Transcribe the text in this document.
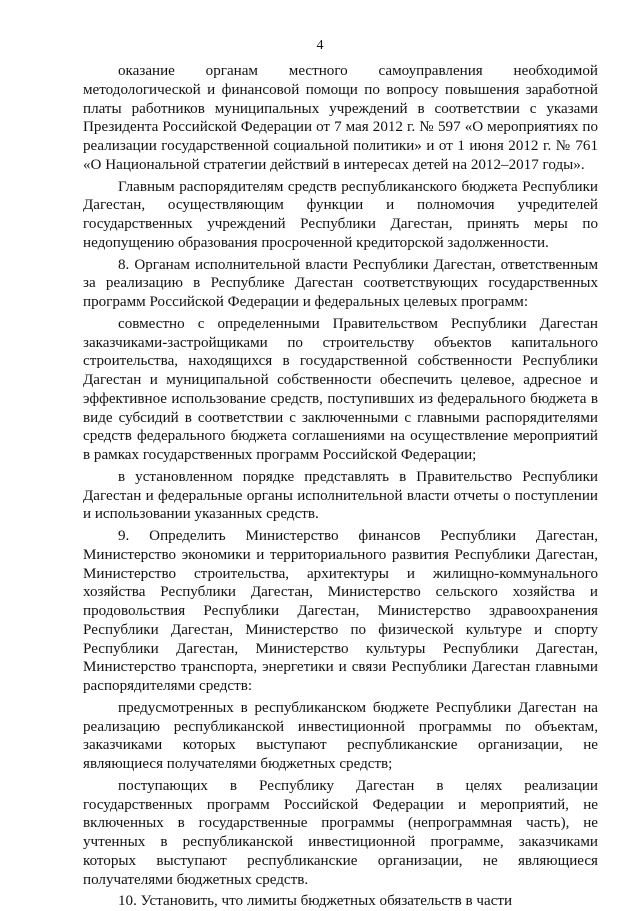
4

оказание органам местного самоуправления необходимой методологической и финансовой помощи по вопросу повышения заработной платы работников муниципальных учреждений в соответствии с указами Президента Российской Федерации от 7 мая 2012 г. № 597 «О мероприятиях по реализации государственной социальной политики» и от 1 июня 2012 г. № 761 «О Национальной стратегии действий в интересах детей на 2012–2017 годы».

Главным распорядителям средств республиканского бюджета Республики Дагестан, осуществляющим функции и полномочия учредителей государственных учреждений Республики Дагестан, принять меры по недопущению образования просроченной кредиторской задолженности.

8. Органам исполнительной власти Республики Дагестан, ответственным за реализацию в Республике Дагестан соответствующих государственных программ Российской Федерации и федеральных целевых программ:

совместно с определенными Правительством Республики Дагестан заказчиками-застройщиками по строительству объектов капитального строительства, находящихся в государственной собственности Республики Дагестан и муниципальной собственности обеспечить целевое, адресное и эффективное использование средств, поступивших из федерального бюджета в виде субсидий в соответствии с заключенными с главными распорядителями средств федерального бюджета соглашениями на осуществление мероприятий в рамках государственных программ Российской Федерации;

в установленном порядке представлять в Правительство Республики Дагестан и федеральные органы исполнительной власти отчеты о поступлении и использовании указанных средств.

9. Определить Министерство финансов Республики Дагестан, Министерство экономики и территориального развития Республики Дагестан, Министерство строительства, архитектуры и жилищно-коммунального хозяйства Республики Дагестан, Министерство сельского хозяйства и продовольствия Республики Дагестан, Министерство здравоохранения Республики Дагестан, Министерство по физической культуре и спорту Республики Дагестан, Министерство культуры Республики Дагестан, Министерство транспорта, энергетики и связи Республики Дагестан главными распорядителями средств:

предусмотренных в республиканском бюджете Республики Дагестан на реализацию республиканской инвестиционной программы по объектам, заказчиками которых выступают республиканские организации, не являющиеся получателями бюджетных средств;

поступающих в Республику Дагестан в целях реализации государственных программ Российской Федерации и мероприятий, не включенных в государственные программы (непрограммная часть), не учтенных в республиканской инвестиционной программе, заказчиками которых выступают республиканские организации, не являющиеся получателями бюджетных средств.

10. Установить, что лимиты бюджетных обязательств в части
